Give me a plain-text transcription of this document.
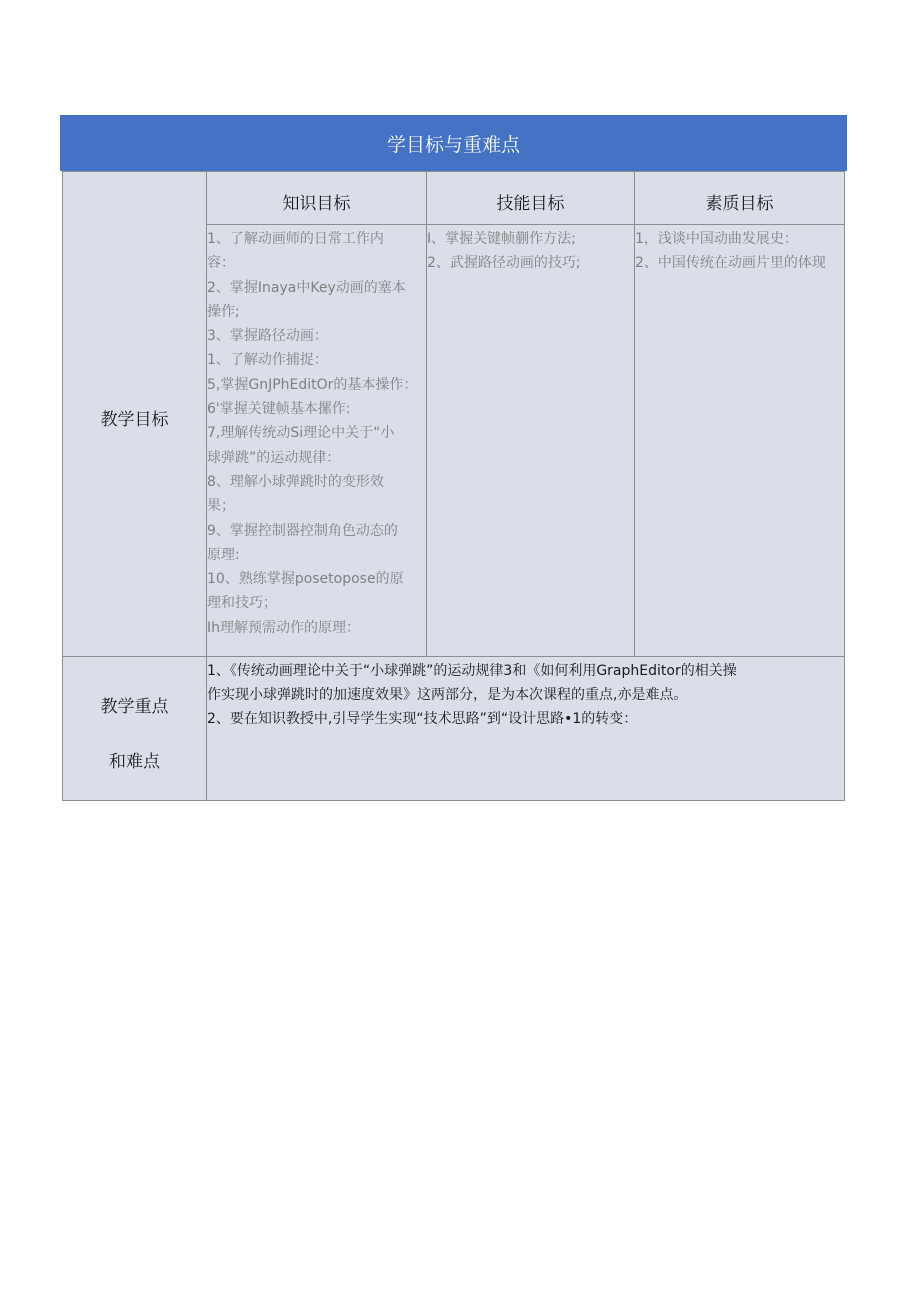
学目标与重难点
教学目标
知识目标	技能目标	素质目标
1、了解动画师的日常工作内
容：
2、掌握Inaya中Key动画的塞本
操作;
3、掌握路径动画：
1、了解动作捕捉：
5,掌握GnJPhEditOr的基本操作：
6'掌握关键帧基本摞作:
7,理解传统动Si理论中关于“小
球弹跳”的运动规律：
8、理解小球弹跳时的变形效
果；
9、掌握控制器控制角色动态的
原理:
10、熟练掌握posetopose的原
理和技巧；
Ih理解预需动作的原理：
I、掌握关键帧蒯作方法;
2、武握路径动画的技巧;
1，浅谈中国动曲发展史：
2、中国传统在动画片里的体现
教学重点
和难点
1、《传统动画理论中关于“小球弹跳”的运动规律3和《如何利用GraphEditor的相关操
作实现小球弹跳时的加速度效果》这两部分，是为本次课程的重点,亦是难点。
2、要在知识教授中,引导学生实现“技术思路”到“设计思路•1的转变：
